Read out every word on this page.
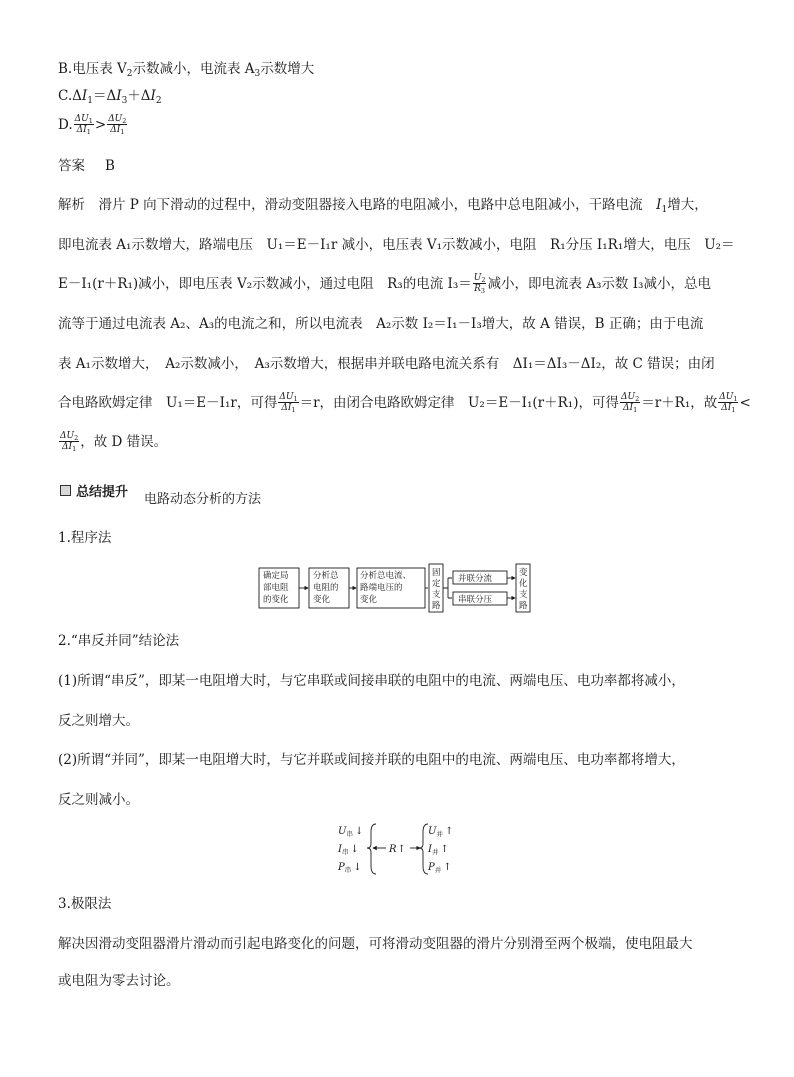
B.电压表 $V_2$示数减小，电流表 $A_3$示数增大
$C.\Delta I_1=\Delta I_3+\Delta I_2$
D. $\frac{\Delta U_1}{\Delta I_1} > \frac{\Delta U_2}{\Delta I_1}$
答案 B
解析　滑片 P 向下滑动的过程中，滑动变阻器接入电路的电阻减小，电路中总电阻减小，干路电流　$I_1$增大，
即电流表 A₁示数增大，路端电压　U₁＝E－I₁r 减小，电压表 V₁示数减小，电阻　R₁分压 I₁R₁增大，电压　U₂＝
E－I₁(r＋R₁)减小，即电压表 V₂示数减小，通过电阻　R₃的电流 $I_3= \frac{U_2}{R_3}$ 减小，即电流表 A₃示数 I₃减小，总电
流等于通过电流表 A₂、A₃的电流之和，所以电流表　A₂示数 I₂＝I₁－I₃增大，故 A 错误，B 正确；由于电流
表 A₁示数增大，　A₂示数减小，　A₃示数增大，根据串并联电路电流关系有　ΔI₁＝ΔI₃－ΔI₂，故 C 错误；由闭
合电路欧姆定律　U₁＝E－I₁r，可得 $\frac{\Delta U_1}{\Delta I_1} =r$，由闭合电路欧姆定律　U₂＝E－I₁(r＋R₁)，可得 $\frac{\Delta U_2}{\Delta I_1} =r+R_1$，故 $\frac{\Delta U_1}{\Delta I_1}$ <
$\frac{\Delta U_2}{\Delta I_1}$ ，故 D 错误。
总结提升 电路动态分析的方法
1.程序法
确定局
部电阻
的变化
分析总
电阻的
变化
分析总电流、
路端电压的
变化
固
定
支
路
并联分流
串联分压
变
化
支
路
2.“串反并同”结论法
(1)所谓“串反”，即某一电阻增大时，与它串联或间接串联的电阻中的电流、两端电压、电功率都将减小，
反之则增大。
(2)所谓“并同”，即某一电阻增大时，与它并联或间接并联的电阻中的电流、两端电压、电功率都将增大，
反之则减小。
$U_串$ ↓
$I_串$ ↓
$P_串$ ↓
R↑
$U_并$ ↑
$I_并$ ↑
$P_并$ ↑
3.极限法
解决因滑动变阻器滑片滑动而引起电路变化的问题，可将滑动变阻器的滑片分别滑至两个极端，使电阻最大
或电阻为零去讨论。
